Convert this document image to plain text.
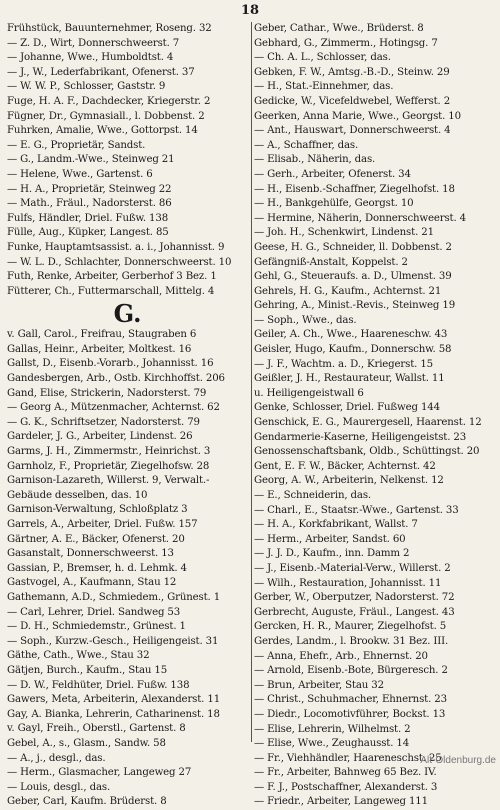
18
Frühstück, Bauunternehmer, Roseng. 32
— Z. D., Wirt, Donnerschweerst. 7
— Johanne, Wwe., Humboldtst. 4
— J., W., Lederfabrikant, Ofenerst. 37
— W. W. P., Schlosser, Gaststr. 9
Fuge, H. A. F., Dachdecker, Kriegerstr. 2
Fügner, Dr., Gymnasiall., l. Dobbenst. 2
Fuhrken, Amalie, Wwe., Gottorpst. 14
— E. G., Proprietär, Sandst.
— G., Landm.-Wwe., Steinweg 21
— Helene, Wwe., Gartenst. 6
— H. A., Proprietär, Steinweg 22
— Math., Fräul., Nadorsterst. 86
Fulfs, Händler, Driel. Fußw. 138
Fülle, Aug., Küpker, Langest. 85
Funke, Hauptamtsassist. a. i., Johannisst. 9
— W. L. D., Schlachter, Donnerschweerst. 10
Futh, Renke, Arbeiter, Gerberhof 3 Bez. 1
Fütterer, Ch., Futtermarschall, Mittelg. 4
G.
v. Gall, Carol., Freifrau, Staugraben 6
Gallas, Heinr., Arbeiter, Moltkest. 16
Gallst, D., Eisenb.-Vorarb., Johannisst. 16
Gandesbergen, Arb., Ostb. Kirchhoffst. 206
Gand, Elise, Strickerin, Nadorsterst. 79
— Georg A., Mützenmacher, Achternst. 62
— G. K., Schriftsetzer, Nadorsterst. 79
Gardeler, J. G., Arbeiter, Lindenst. 26
Garms, J. H., Zimmermstr., Heinrichst. 3
Garnholz, F., Proprietär, Ziegelhofsw. 28
Garnison-Lazareth, Willerst. 9, Verwalt.-
Gebäude desselben, das. 10
Garnison-Verwaltung, Schloßplatz 3
Garrels, A., Arbeiter, Driel. Fußw. 157
Gärtner, A. E., Bäcker, Ofenerst. 20
Gasanstalt, Donnerschweerst. 13
Gassian, P., Bremser, h. d. Lehmk. 4
Gastvogel, A., Kaufmann, Stau 12
Gathemann, A.D., Schmiedem., Grünest. 1
— Carl, Lehrer, Driel. Sandweg 53
— D. H., Schmiedemstr., Grünest. 1
— Soph., Kurzw.-Gesch., Heiligengeist. 31
Gäthe, Cath., Wwe., Stau 32
Gätjen, Burch., Kaufm., Stau 15
— D. W., Feldhüter, Driel. Fußw. 138
Gawers, Meta, Arbeiterin, Alexanderst. 11
Gay, A. Bianka, Lehrerin, Catharinenst. 18
v. Gayl, Freih., Oberstl., Gartenst. 8
Gebel, A., s., Glasm., Sandw. 58
— A., j., desgl., das.
— Herm., Glasmacher, Langeweg 27
— Louis, desgl., das.
Geber, Carl, Kaufm. Brüderst. 8
Geber, Cathar., Wwe., Brüderst. 8
Gebhard, G., Zimmerm., Hotingsg. 7
— Ch. A. L., Schlosser, das.
Gebken, F. W., Amtsg.-B.-D., Steinw. 29
— H., Stat.-Einnehmer, das.
Gedicke, W., Vicefeldwebel, Wefferst. 2
Geerken, Anna Marie, Wwe., Georgst. 10
— Ant., Hauswart, Donnerschweerst. 4
— A., Schaffner, das.
— Elisab., Näherin, das.
— Gerh., Arbeiter, Ofenerst. 34
— H., Eisenb.-Schaffner, Ziegelhofst. 18
— H., Bankgehülfe, Georgst. 10
— Hermine, Näherin, Donnerschweerst. 4
— Joh. H., Schenkwirt, Lindenst. 21
Geese, H. G., Schneider, ll. Dobbenst. 2
Gefängniß-Anstalt, Koppelst. 2
Gehl, G., Steueraufs. a. D., Ulmenst. 39
Gehrels, H. G., Kaufm., Achternst. 21
Gehring, A., Minist.-Revis., Steinweg 19
— Soph., Wwe., das.
Geiler, A. Ch., Wwe., Haareneschw. 43
Geisler, Hugo, Kaufm., Donnerschw. 58
— J. F., Wachtm. a. D., Kriegerst. 15
Geißler, J. H., Restaurateur, Wallst. 11
u. Heiligengeistwall 6
Genke, Schlosser, Driel. Fußweg 144
Genschick, E. G., Maurergesell, Haarenst. 12
Gendarmerie-Kaserne, Heiligengeistst. 23
Genossenschaftsbank, Oldb., Schüttingst. 20
Gent, E. F. W., Bäcker, Achternst. 42
Georg, A. W., Arbeiterin, Nelkenst. 12
— E., Schneiderin, das.
— Charl., E., Staatsr.-Wwe., Gartenst. 33
— H. A., Korkfabrikant, Wallst. 7
— Herm., Arbeiter, Sandst. 60
— J. J. D., Kaufm., inn. Damm 2
— J., Eisenb.-Material-Verw., Willerst. 2
— Wilh., Restauration, Johannisst. 11
Gerber, W., Oberputzer, Nadorsterst. 72
Gerbrecht, Auguste, Fräul., Langest. 43
Gercken, H. R., Maurer, Ziegelhofst. 5
Gerdes, Landm., l. Brookw. 31 Bez. III.
— Anna, Ehefr., Arb., Ehnernst. 20
— Arnold, Eisenb.-Bote, Bürgeresch. 2
— Brun, Arbeiter, Stau 32
— Christ., Schuhmacher, Ehnernst. 23
— Diedr., Locomotivführer, Bockst. 13
— Elise, Lehrerin, Wilhelmst. 2
— Elise, Wwe., Zeughausst. 14
— Fr., Viehhändler, Haareneschst. 25
— Fr., Arbeiter, Bahnweg 65 Bez. IV.
— F. J., Postschaffner, Alexanderst. 3
— Friedr., Arbeiter, Langeweg 111
Alt-Oldenburg.de
